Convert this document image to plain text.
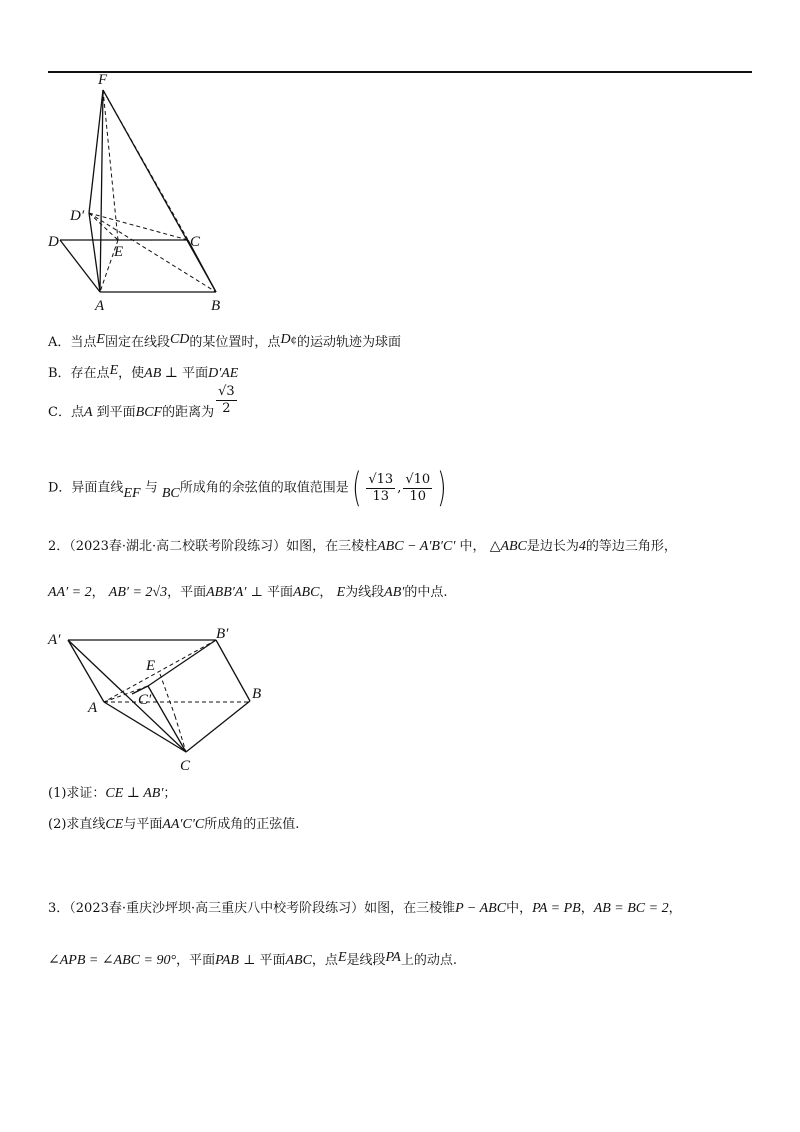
F
D′
D
E
C
A	B
A．当点E固定在线段CD的某位置时，点D¢的运动轨迹为球面
B．存在点E，使AB ⊥ 平面D′AE
C．点A 到平面BCF的距离为 $\frac{√3}{2}$
D．异面直线EF 与 BC所成角的余弦值的取值范围是( $\frac{√13}{13}$ , $\frac{√10}{10}$ )
2．（2023春·湖北·高二校联考阶段练习）如图，在三棱柱ABC − A′B′C′ 中， △ABC是边长为4的等边三角形，
AA′ = 2， AB′ = 2√3，平面ABB′A′ ⊥ 平面ABC， E为线段AB′的中点.
A′	B′
E
C′
A
B
C
(1)求证：CE ⊥ AB′；
(2)求直线CE与平面AA′C′C所成角的正弦值.
3．（2023春·重庆沙坪坝·高三重庆八中校考阶段练习）如图，在三棱锥P − ABC中，PA = PB，AB = BC = 2，
∠APB = ∠ABC = 90°，平面PAB ⊥ 平面ABC，点E是线段PA上的动点.
